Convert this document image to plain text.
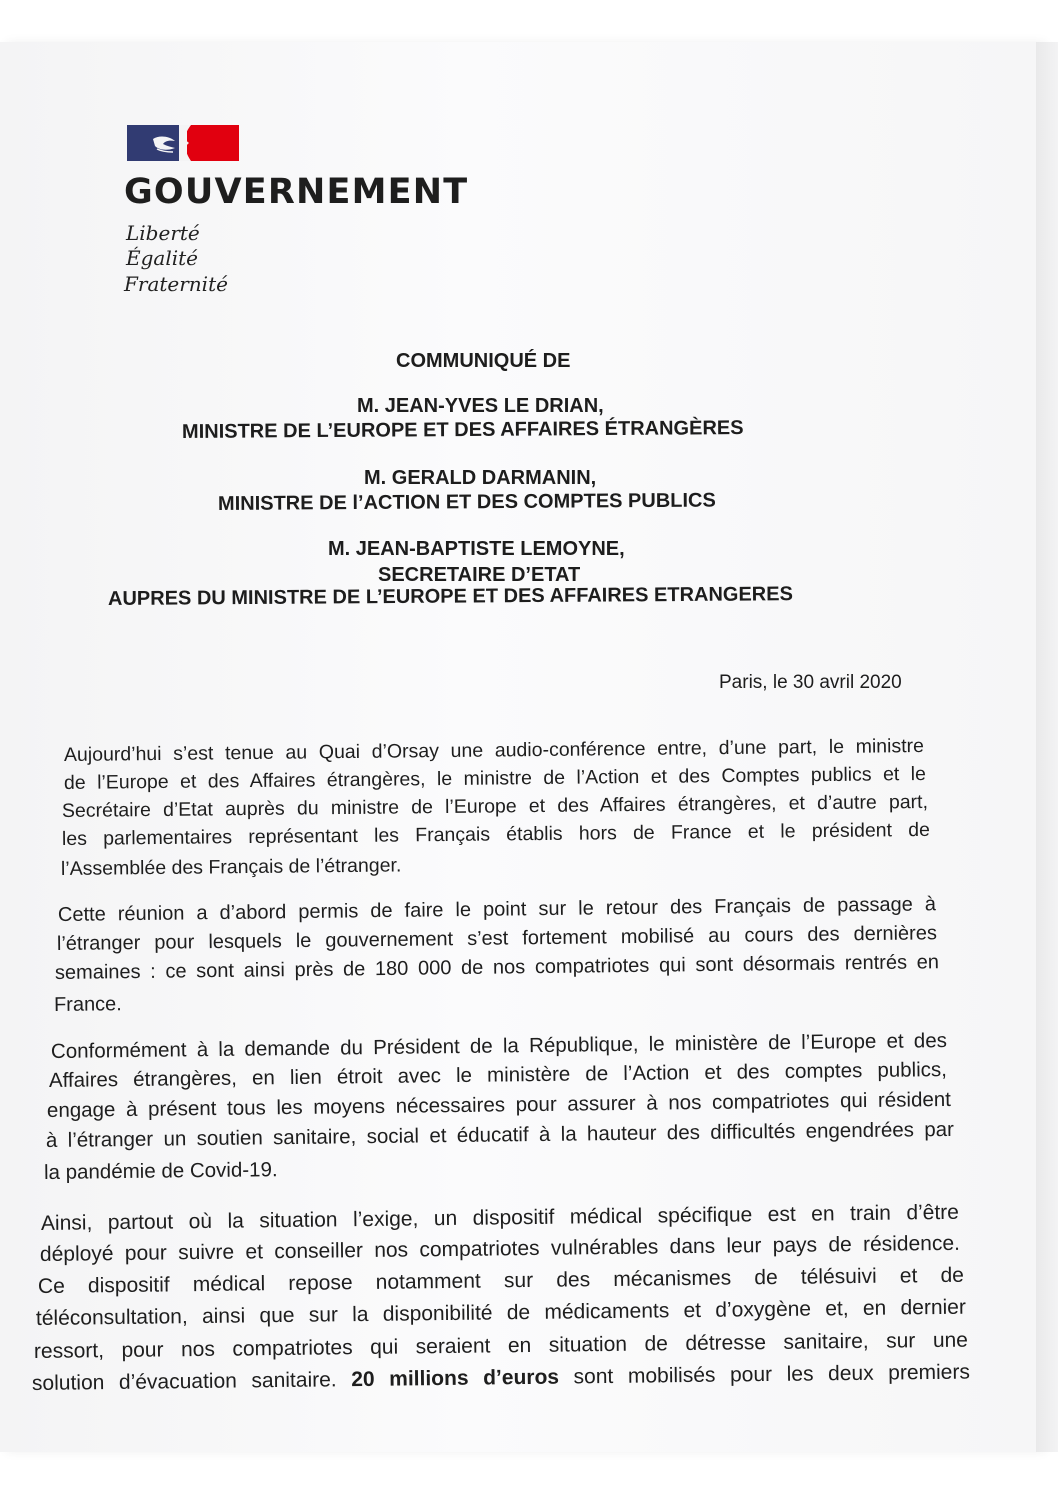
GOUVERNEMENT
Liberté
Égalité
Fraternité
COMMUNIQUÉ DE
M. JEAN-YVES LE DRIAN,
MINISTRE DE L’EUROPE ET DES AFFAIRES ÉTRANGÈRES
M. GERALD DARMANIN,
MINISTRE DE l’ACTION ET DES COMPTES PUBLICS
M. JEAN-BAPTISTE LEMOYNE,
SECRETAIRE D’ETAT
AUPRES DU MINISTRE DE L’EUROPE ET DES AFFAIRES ETRANGERES
Paris, le 30 avril 2020
Aujourd’hui s’est tenue au Quai d’Orsay une audio-conférence entre, d’une part, le ministre
de l’Europe et des Affaires étrangères, le ministre de l’Action et des Comptes publics et le
Secrétaire d’Etat auprès du ministre de l’Europe et des Affaires étrangères, et d’autre part,
les parlementaires représentant les Français établis hors de France et le président de
l’Assemblée des Français de l’étranger.
Cette réunion a d’abord permis de faire le point sur le retour des Français de passage à
l’étranger pour lesquels le gouvernement s’est fortement mobilisé au cours des dernières
semaines : ce sont ainsi près de 180 000 de nos compatriotes qui sont désormais rentrés en
France.
Conformément à la demande du Président de la République, le ministère de l’Europe et des
Affaires étrangères, en lien étroit avec le ministère de l’Action et des comptes publics,
engage à présent tous les moyens nécessaires pour assurer à nos compatriotes qui résident
à l’étranger un soutien sanitaire, social et éducatif à la hauteur des difficultés engendrées par
la pandémie de Covid-19.
Ainsi, partout où la situation l’exige, un dispositif médical spécifique est en train d’être
déployé pour suivre et conseiller nos compatriotes vulnérables dans leur pays de résidence.
Ce dispositif médical repose notamment sur des mécanismes de télésuivi et de
téléconsultation, ainsi que sur la disponibilité de médicaments et d’oxygène et, en dernier
ressort, pour nos compatriotes qui seraient en situation de détresse sanitaire, sur une
solution d’évacuation sanitaire. 20 millions d’euros sont mobilisés pour les deux premiers
